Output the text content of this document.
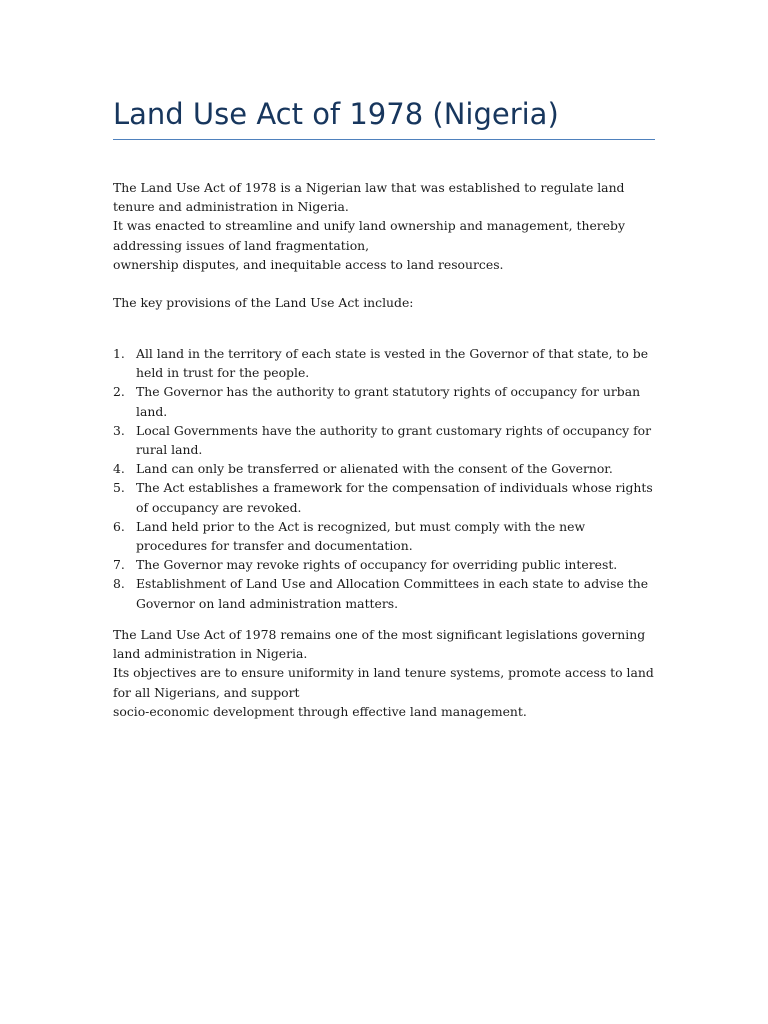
Land Use Act of 1978 (Nigeria)
The Land Use Act of 1978 is a Nigerian law that was established to regulate land tenure and administration in Nigeria.
It was enacted to streamline and unify land ownership and management, thereby addressing issues of land fragmentation,
ownership disputes, and inequitable access to land resources.

The key provisions of the Land Use Act include:

1. All land in the territory of each state is vested in the Governor of that state, to be held in trust for the people.
2. The Governor has the authority to grant statutory rights of occupancy for urban land.
3. Local Governments have the authority to grant customary rights of occupancy for rural land.
4. Land can only be transferred or alienated with the consent of the Governor.
5. The Act establishes a framework for the compensation of individuals whose rights of occupancy are revoked.
6. Land held prior to the Act is recognized, but must comply with the new procedures for transfer and documentation.
7. The Governor may revoke rights of occupancy for overriding public interest.
8. Establishment of Land Use and Allocation Committees in each state to advise the Governor on land administration matters.
The Land Use Act of 1978 remains one of the most significant legislations governing land administration in Nigeria.
Its objectives are to ensure uniformity in land tenure systems, promote access to land for all Nigerians, and support
socio-economic development through effective land management.
